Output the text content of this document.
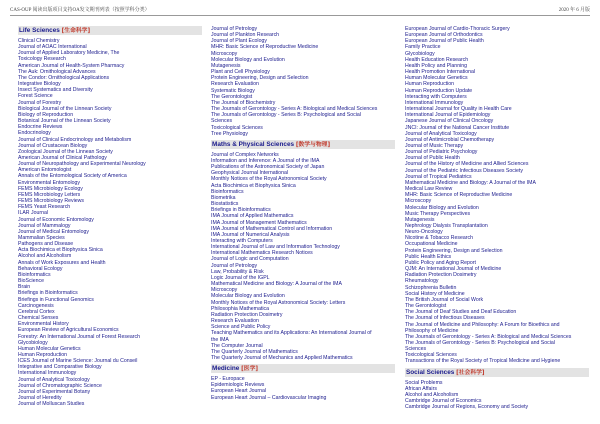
CAS-OUP 阅读出版项目支持OA发文期刊列表（按照学科分类）	2020 年 6 月版
Life Sciences [生命科学]
Clinical Chemistry
Journal of AOAC International
Journal of Applied Laboratory Medicine, The
Toxicology Research
American Journal of Health-System Pharmacy
The Auk: Ornithological Advances
The Condor: Ornithological Applications
Integrative Biology
Insect Systematics and Diversity
Forest Science
Journal of Forestry
Biological Journal of the Linnean Society
Biology of Reproduction
Botanical Journal of the Linnean Society
Endocrine Reviews
Endocrinology
Journal of Clinical Endocrinology and Metabolism
Journal of Crustacean Biology
Zoological Journal of the Linnean Society
American Journal of Clinical Pathology
Journal of Neuropathology and Experimental Neurology
American Entomologist
Annals of the Entomological Society of America
Environmental Entomology
FEMS Microbiology Ecology
FEMS Microbiology Letters
FEMS Microbiology Reviews
FEMS Yeast Research
ILAR Journal
Journal of Economic Entomology
Journal of Mammalogy
Journal of Medical Entomology
Mammalian Species
Pathogens and Disease
Acta Biochimica et Biophysica Sinica
Alcohol and Alcoholism
Annals of Work Exposures and Health
Behavioral Ecology
Bioinformatics
BioScience
Brain
Briefings in Bioinformatics
Briefings in Functional Genomics
Carcinogenesis
Cerebral Cortex
Chemical Senses
Environmental History
European Review of Agricultural Economics
Forestry: An International Journal of Forest Research
Glycobiology
Human Molecular Genetics
Human Reproduction
ICES Journal of Marine Science: Journal du Conseil
Integrative and Comparative Biology
International Immunology
Journal of Analytical Toxicology
Journal of Chromatographic Science
Journal of Experimental Botany
Journal of Heredity
Journal of Molluscan Studies
Journal of Petrology
Journal of Plankton Research
Journal of Plant Ecology
MHR: Basic Science of Reproductive Medicine
Microscopy
Molecular Biology and Evolution
Mutagenesis
Plant and Cell Physiology
Protein Engineering, Design and Selection
Research Evaluation
Systematic Biology
The Gerontologist
The Journal of Biochemistry
The Journals of Gerontology - Series A: Biological and Medical Sciences
The Journals of Gerontology - Series B: Psychological and Social
Sciences
Toxicological Sciences
Tree Physiology
Maths & Physical Sciences [数学与物理]
Journal of Complex Networks
Information and Inference: A Journal of the IMA
Publications of the Astronomical Society of Japan
Geophysical Journal International
Monthly Notices of the Royal Astronomical Society
Acta Biochimica et Biophysica Sinica
Bioinformatics
Biometrika
Biostatistics
Briefings in Bioinformatics
IMA Journal of Applied Mathematics
IMA Journal of Management Mathematics
IMA Journal of Mathematical Control and Information
IMA Journal of Numerical Analysis
Interacting with Computers
International Journal of Law and Information Technology
International Mathematics Research Notices
Journal of Logic and Computation
Journal of Petrology
Law, Probability & Risk
Logic Journal of the IGPL
Mathematical Medicine and Biology: A Journal of the IMA
Microscopy
Molecular Biology and Evolution
Monthly Notices of the Royal Astronomical Society: Letters
Philosophia Mathematica
Radiation Protection Dosimetry
Research Evaluation
Science and Public Policy
Teaching Mathematics and its Applications: An International Journal of
the IMA
The Computer Journal
The Quarterly Journal of Mathematics
The Quarterly Journal of Mechanics and Applied Mathematics
Medicine [医学]
EP - Europace
Epidemiologic Reviews
European Heart Journal
European Heart Journal – Cardiovascular Imaging
European Journal of Cardio-Thoracic Surgery
European Journal of Orthodontics
European Journal of Public Health
Family Practice
Glycobiology
Health Education Research
Health Policy and Planning
Health Promotion International
Human Molecular Genetics
Human Reproduction
Human Reproduction Update
Interacting with Computers
International Immunology
International Journal for Quality in Health Care
International Journal of Epidemiology
Japanese Journal of Clinical Oncology
JNCI: Journal of the National Cancer Institute
Journal of Analytical Toxicology
Journal of Antimicrobial Chemotherapy
Journal of Music Therapy
Journal of Pediatric Psychology
Journal of Public Health
Journal of the History of Medicine and Allied Sciences
Journal of the Pediatric Infectious Diseases Society
Journal of Tropical Pediatrics
Mathematical Medicine and Biology: A Journal of the IMA
Medical Law Review
MHR: Basic Science of Reproductive Medicine
Microscopy
Molecular Biology and Evolution
Music Therapy Perspectives
Mutagenesis
Nephrology Dialysis Transplantation
Neuro-Oncology
Nicotine & Tobacco Research
Occupational Medicine
Protein Engineering, Design and Selection
Public Health Ethics
Public Policy and Aging Report
QJM: An International Journal of Medicine
Radiation Protection Dosimetry
Rheumatology
Schizophrenia Bulletin
Social History of Medicine
The British Journal of Social Work
The Gerontologist
The Journal of Deaf Studies and Deaf Education
The Journal of Infectious Diseases
The Journal of Medicine and Philosophy: A Forum for Bioethics and
Philosophy of Medicine
The Journals of Gerontology - Series A: Biological and Medical Sciences
The Journals of Gerontology - Series B: Psychological and Social
Sciences
Toxicological Sciences
Transactions of the Royal Society of Tropical Medicine and Hygiene
Social Sciences [社会科学]
Social Problems
African Affairs
Alcohol and Alcoholism
Cambridge Journal of Economics
Cambridge Journal of Regions, Economy and Society
